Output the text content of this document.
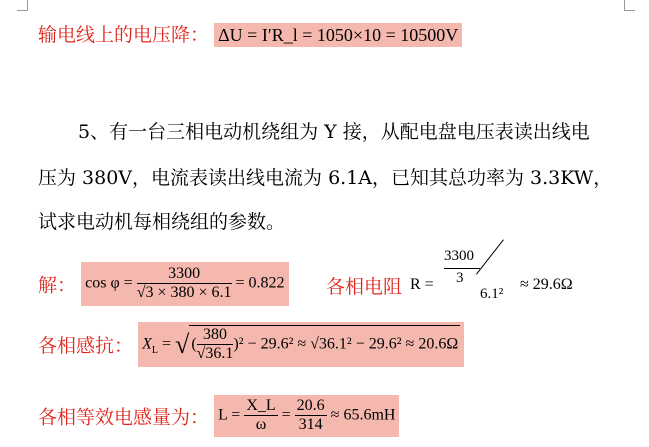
输电线上的电压降： ΔU = I′R_l = 1050×10 = 10500V
5、有一台三相电动机绕组为 Y 接，从配电盘电压表读出线电
压为 380V，电流表读出线电流为 6.1A，已知其总功率为 3.3KW，
试求电动机每相绕组的参数。
解： $\cos \varphi = \frac{3300}{√3 \times 380 \times 6.1} = 0.822$ 各相电阻 R =
3300
3
6.1²
≈ 29.6Ω
各相感抗： $X_L$ = √ ( $\frac{380}{√36.1} )^2 - 29.6^2 \approx √36.1^2 - 29.6^2 \approx 20.6\Omega$
各相等效电感量为： $L = \frac{X\_L}{\omega} = \frac{20.6}{314} \approx 65.6mH$
